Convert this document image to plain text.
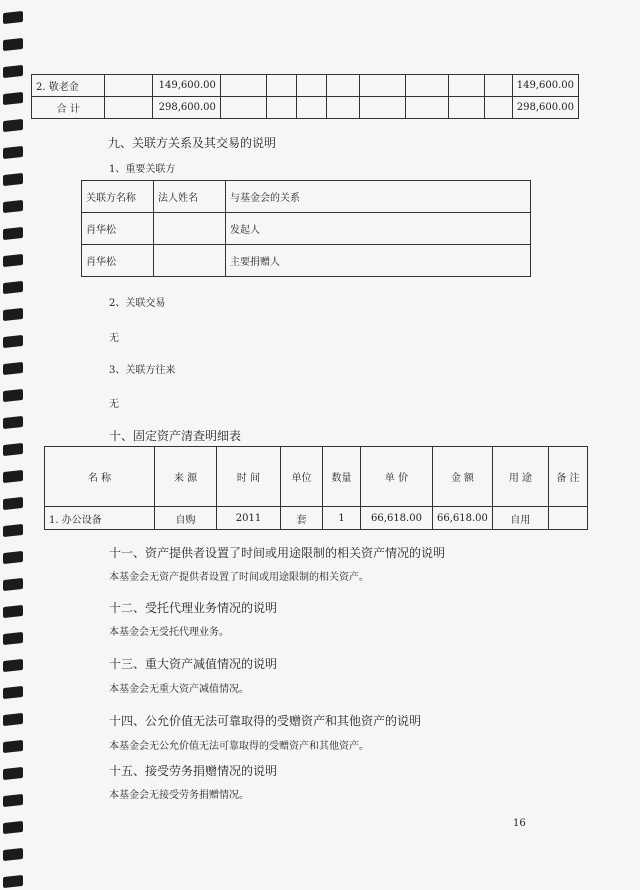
2. 敬老金		149,600.00									149,600.00
合 计		298,600.00									298,600.00
九、关联方关系及其交易的说明
1、重要关联方
关联方名称	法人姓名	与基金会的关系
肖华松		发起人
肖华松		主要捐赠人
2、关联交易
无
3、关联方往来
无
十、固定资产清查明细表
名 称	来 源	时 间	单位	数量	单 价	金 额	用 途	备 注
1. 办公设备	自购	2011	套	1	66,618.00	66,618.00	自用	
十一、资产提供者设置了时间或用途限制的相关资产情况的说明
本基金会无资产提供者设置了时间或用途限制的相关资产。
十二、受托代理业务情况的说明
本基金会无受托代理业务。
十三、重大资产减值情况的说明
本基金会无重大资产减值情况。
十四、公允价值无法可靠取得的受赠资产和其他资产的说明
本基金会无公允价值无法可靠取得的受赠资产和其他资产。
十五、接受劳务捐赠情况的说明
本基金会无接受劳务捐赠情况。
16
